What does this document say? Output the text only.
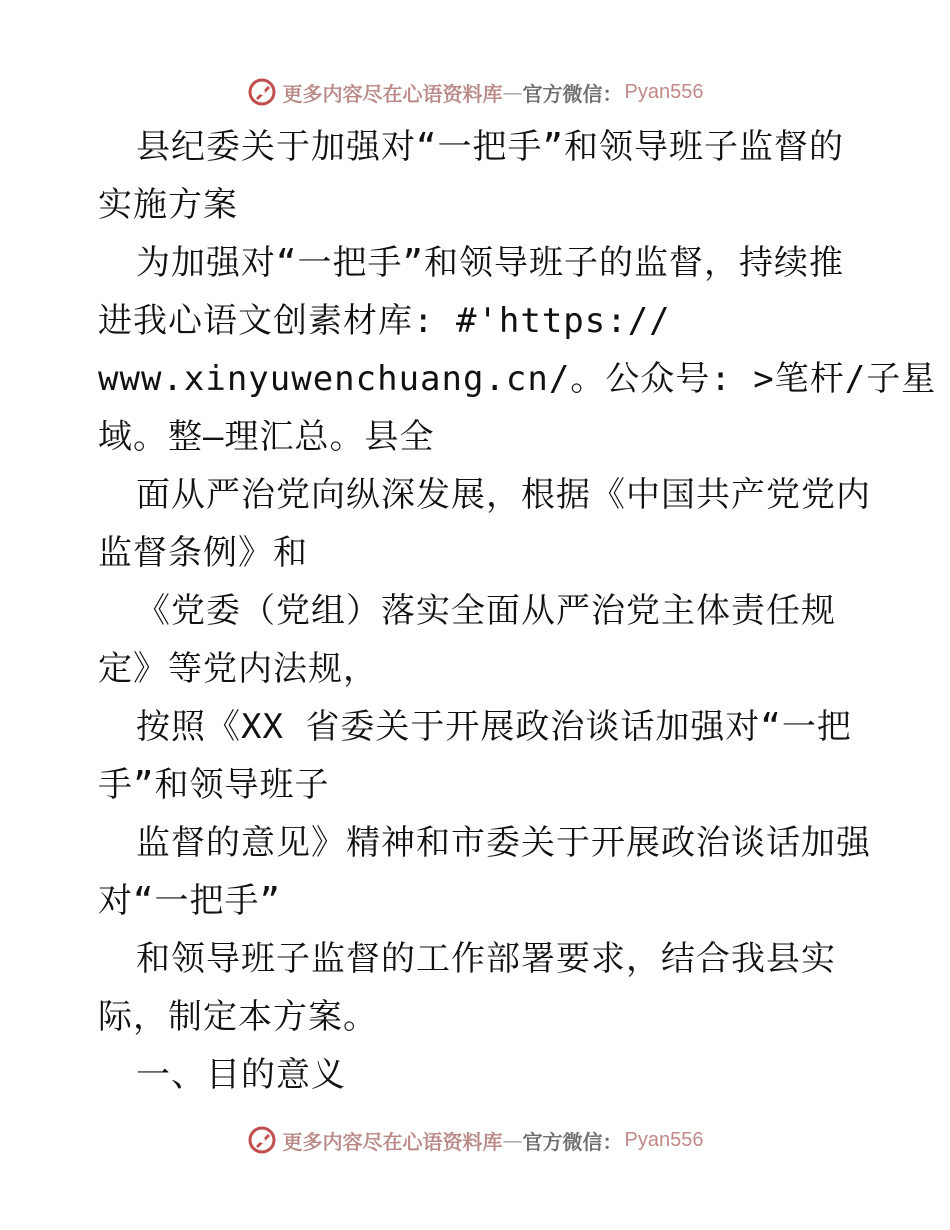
更多内容尽在心语资料库 — 官方微信： Pyan556
县纪委关于加强对“一把手”和领导班子监督的
实施方案
为加强对“一把手”和领导班子的监督，持续推
进我心语文创素材库: #'https://
www.xinyuwenchuang.cn/。公众号: >笔杆/子星
域。整—理汇总。县全
面从严治党向纵深发展，根据《中国共产党党内
监督条例》和
《党委（党组）落实全面从严治党主体责任规
定》等党内法规，
按照《XX 省委关于开展政治谈话加强对“一把
手”和领导班子
监督的意见》精神和市委关于开展政治谈话加强
对“一把手”
和领导班子监督的工作部署要求，结合我县实
际，制定本方案。
一、目的意义
更多内容尽在心语资料库 — 官方微信： Pyan556
